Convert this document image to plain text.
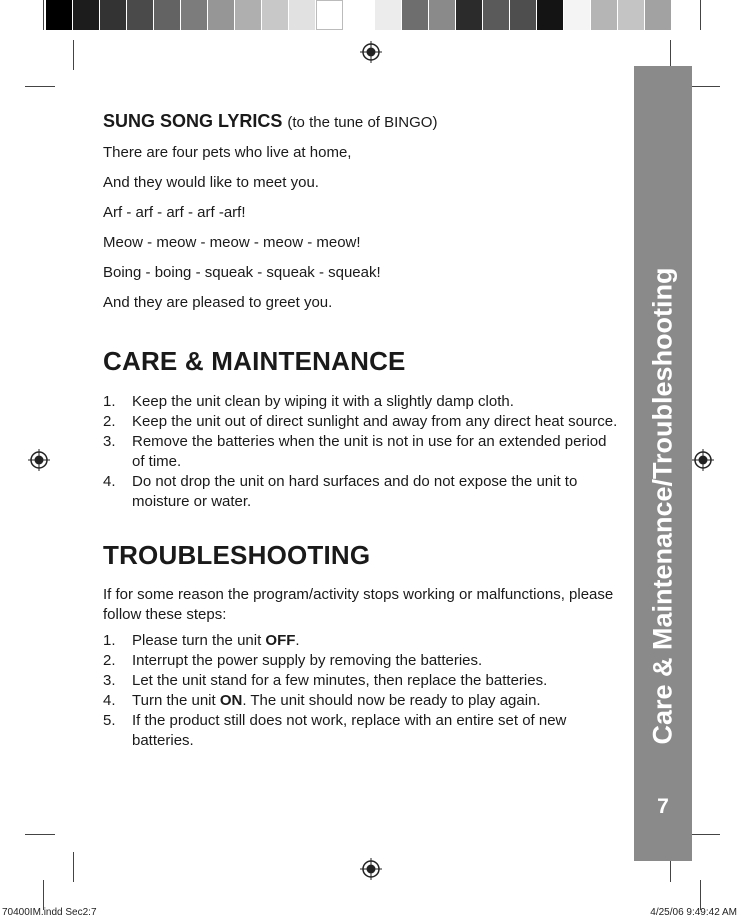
Care & Maintenance/Troubleshooting
7
SUNG SONG LYRICS (to the tune of BINGO)
There are four pets who live at home,
And they would like to meet you.
Arf - arf - arf - arf -arf!
Meow - meow - meow - meow - meow!
Boing - boing - squeak - squeak - squeak!
And they are pleased to greet you.
CARE & MAINTENANCE
1. Keep the unit clean by wiping it with a slightly damp cloth.
2. Keep the unit out of direct sunlight and away from any direct heat source.
3. Remove the batteries when the unit is not in use for an extended period of time.
4. Do not drop the unit on hard surfaces and do not expose the unit to moisture or water.
TROUBLESHOOTING

If for some reason the program/activity stops working or malfunctions, please follow these steps:

1. Please turn the unit OFF.
2. Interrupt the power supply by removing the batteries.
3. Let the unit stand for a few minutes, then replace the batteries.
4. Turn the unit ON. The unit should now be ready to play again.
5. If the product still does not work, replace with an entire set of new batteries.
70400IM.indd Sec2:7	4/25/06 9:49:42 AM
